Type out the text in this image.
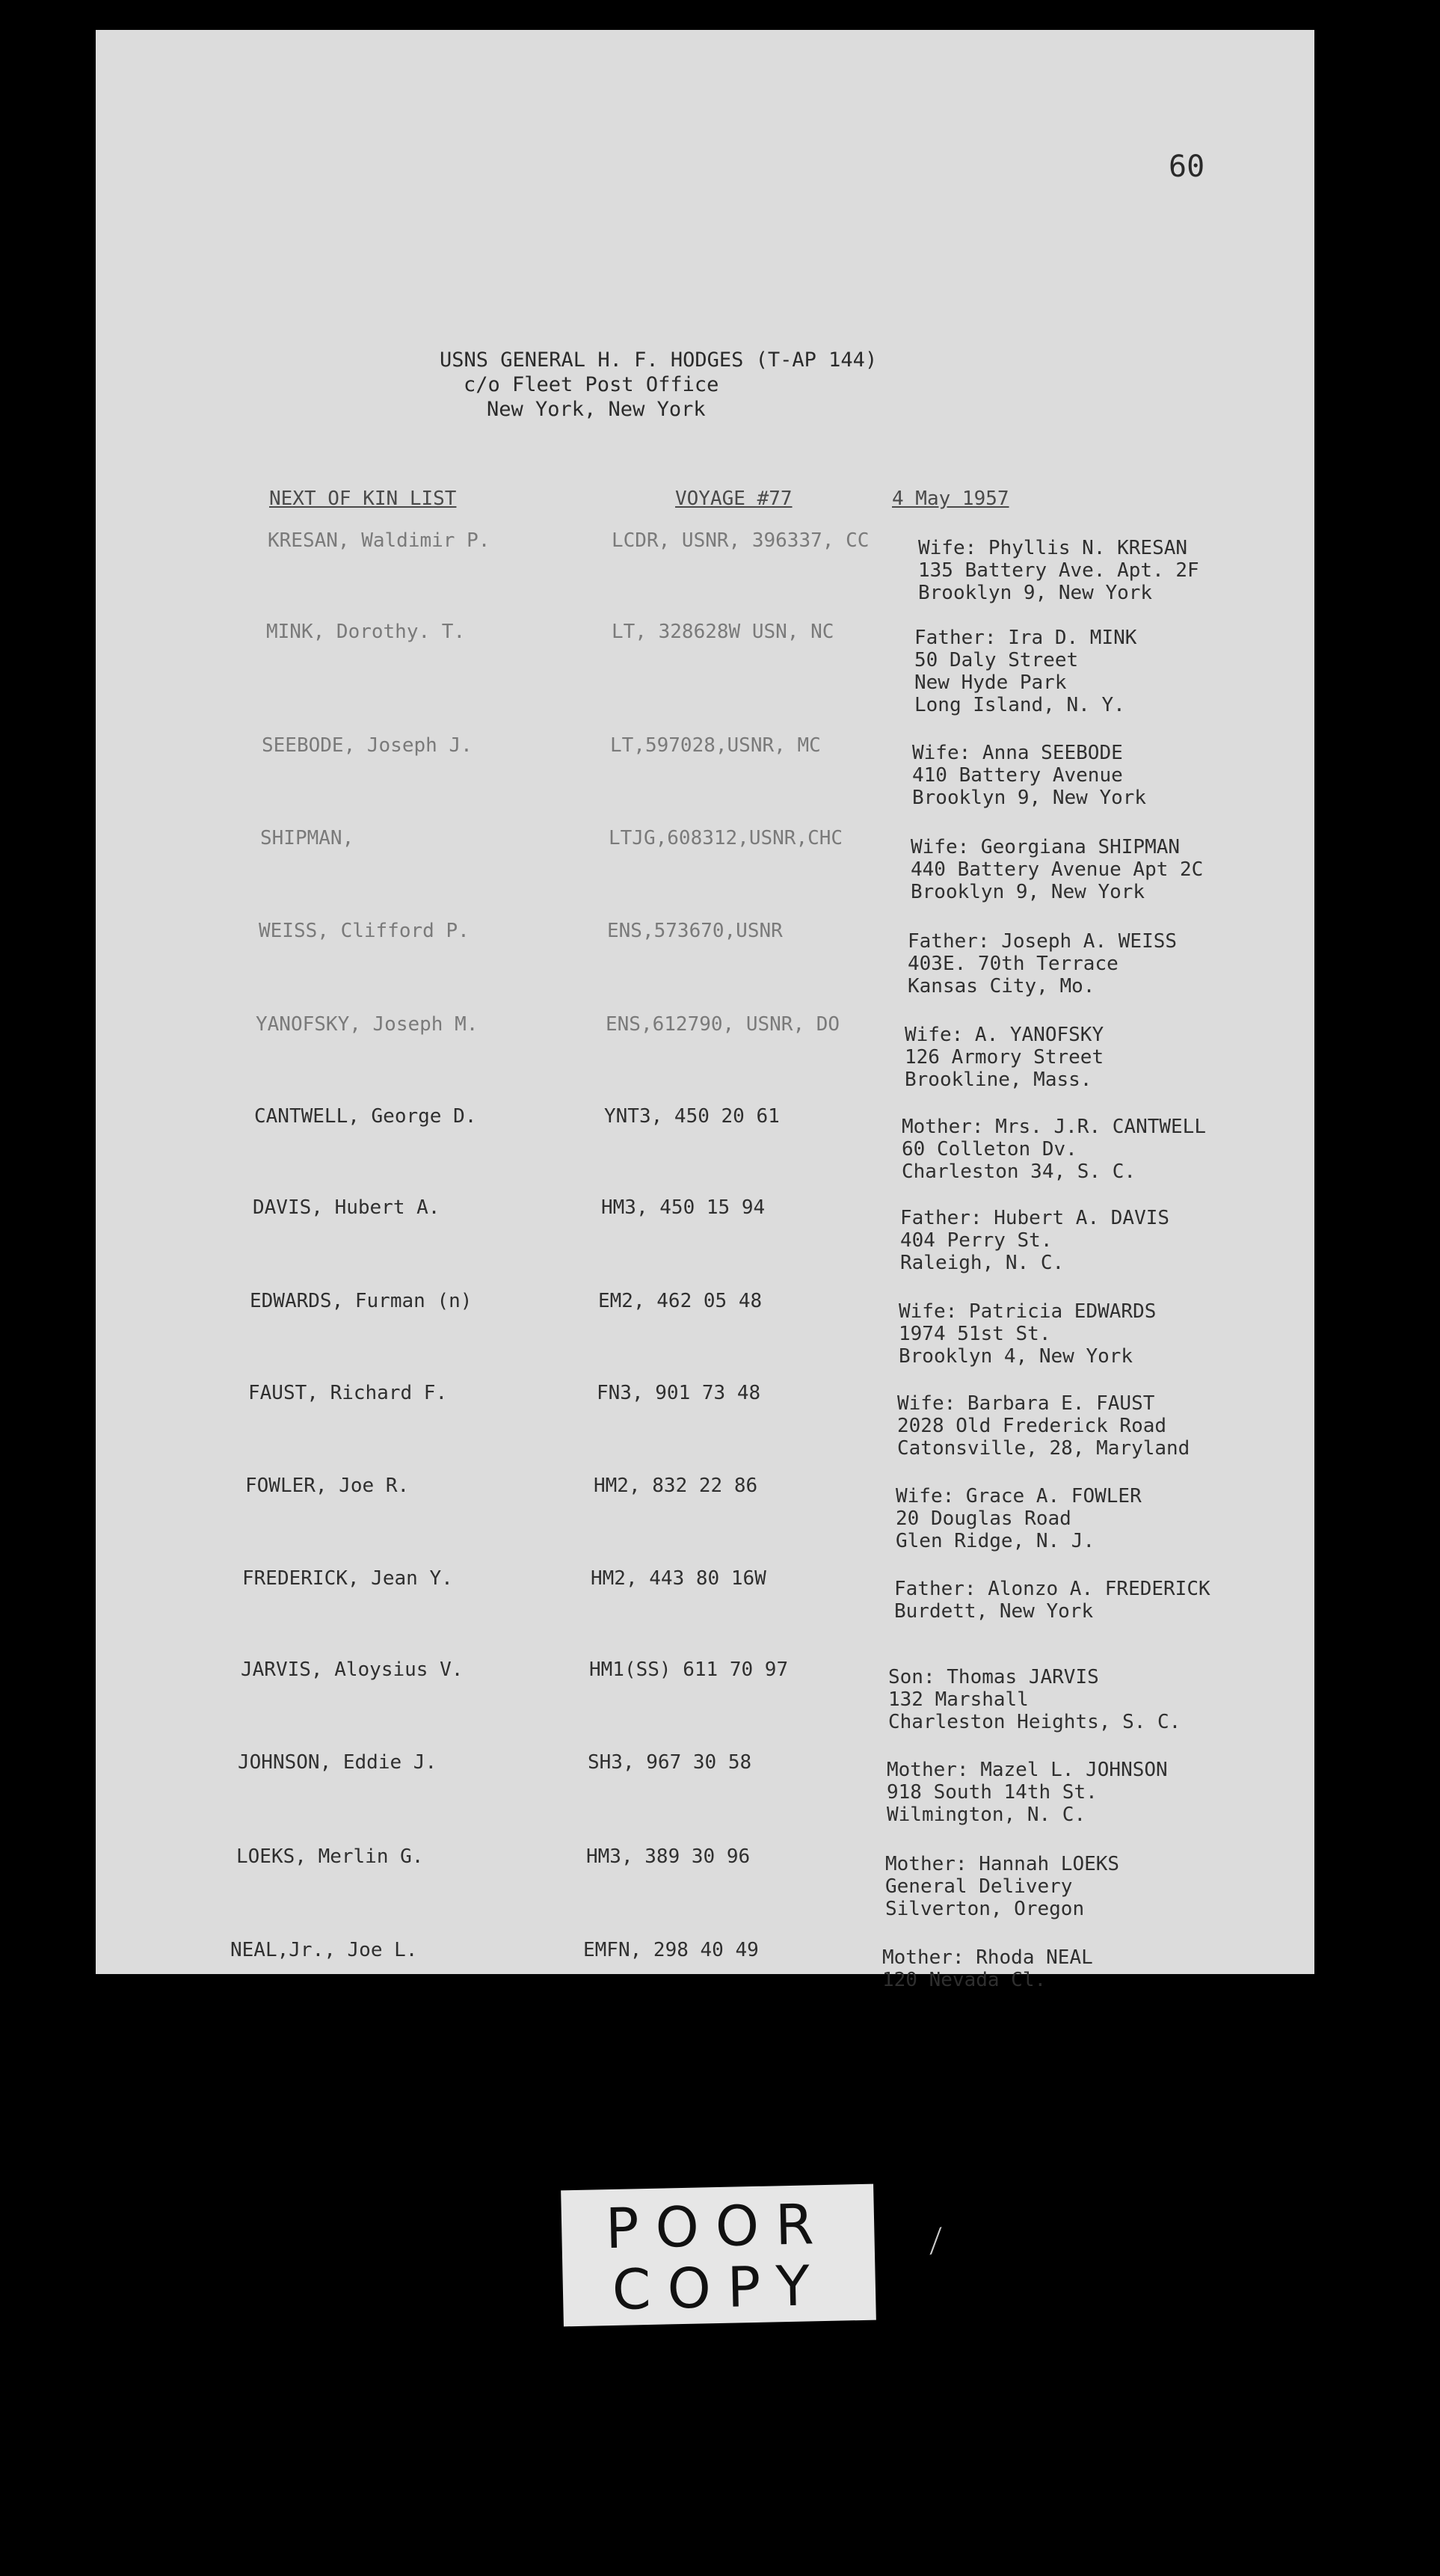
60
USNS GENERAL H. F. HODGES (T-AP 144)
c/o Fleet Post Office
New York, New York
NEXT OF KIN LIST	VOYAGE #77	4 May 1957
KRESAN, Waldimir P.	LCDR, USNR, 396337, CC	Wife: Phyllis N. KRESAN
135 Battery Ave. Apt. 2F
Brooklyn 9, New York
MINK, Dorothy. T.	LT, 328628W USN, NC	Father: Ira D. MINK
50 Daly Street
New Hyde Park
Long Island, N. Y.
SEEBODE, Joseph J.	LT,597028,USNR, MC	Wife: Anna SEEBODE
410 Battery Avenue
Brooklyn 9, New York
SHIPMAN,	LTJG,608312,USNR,CHC	Wife: Georgiana SHIPMAN
440 Battery Avenue Apt 2C
Brooklyn 9, New York
WEISS, Clifford P.	ENS,573670,USNR	Father: Joseph A. WEISS
403E. 70th Terrace
Kansas City, Mo.
YANOFSKY, Joseph M.	ENS,612790, USNR, DO	Wife: A. YANOFSKY
126 Armory Street
Brookline, Mass.
CANTWELL, George D.	YNT3, 450 20 61	Mother: Mrs. J.R. CANTWELL
60 Colleton Dv.
Charleston 34, S. C.
DAVIS, Hubert A.	HM3, 450 15 94	Father: Hubert A. DAVIS
404 Perry St.
Raleigh, N. C.
EDWARDS, Furman (n)	EM2, 462 05 48	Wife: Patricia EDWARDS
1974 51st St.
Brooklyn 4, New York
FAUST, Richard F.	FN3, 901 73 48	Wife: Barbara E. FAUST
2028 Old Frederick Road
Catonsville, 28, Maryland
FOWLER, Joe R.	HM2, 832 22 86	Wife: Grace A. FOWLER
20 Douglas Road
Glen Ridge, N. J.
FREDERICK, Jean Y.	HM2, 443 80 16W	Father: Alonzo A. FREDERICK
Burdett, New York
JARVIS, Aloysius V.	HM1(SS) 611 70 97	Son: Thomas JARVIS
132 Marshall
Charleston Heights, S. C.
JOHNSON, Eddie J.	SH3, 967 30 58	Mother: Mazel L. JOHNSON
918 South 14th St.
Wilmington, N. C.
LOEKS, Merlin G.	HM3, 389 30 96	Mother: Hannah LOEKS
General Delivery
Silverton, Oregon
NEAL,Jr., Joe L.	EMFN, 298 40 49	Mother: Rhoda NEAL
120 Nevada Cl.
POOR
COPY
⟋
